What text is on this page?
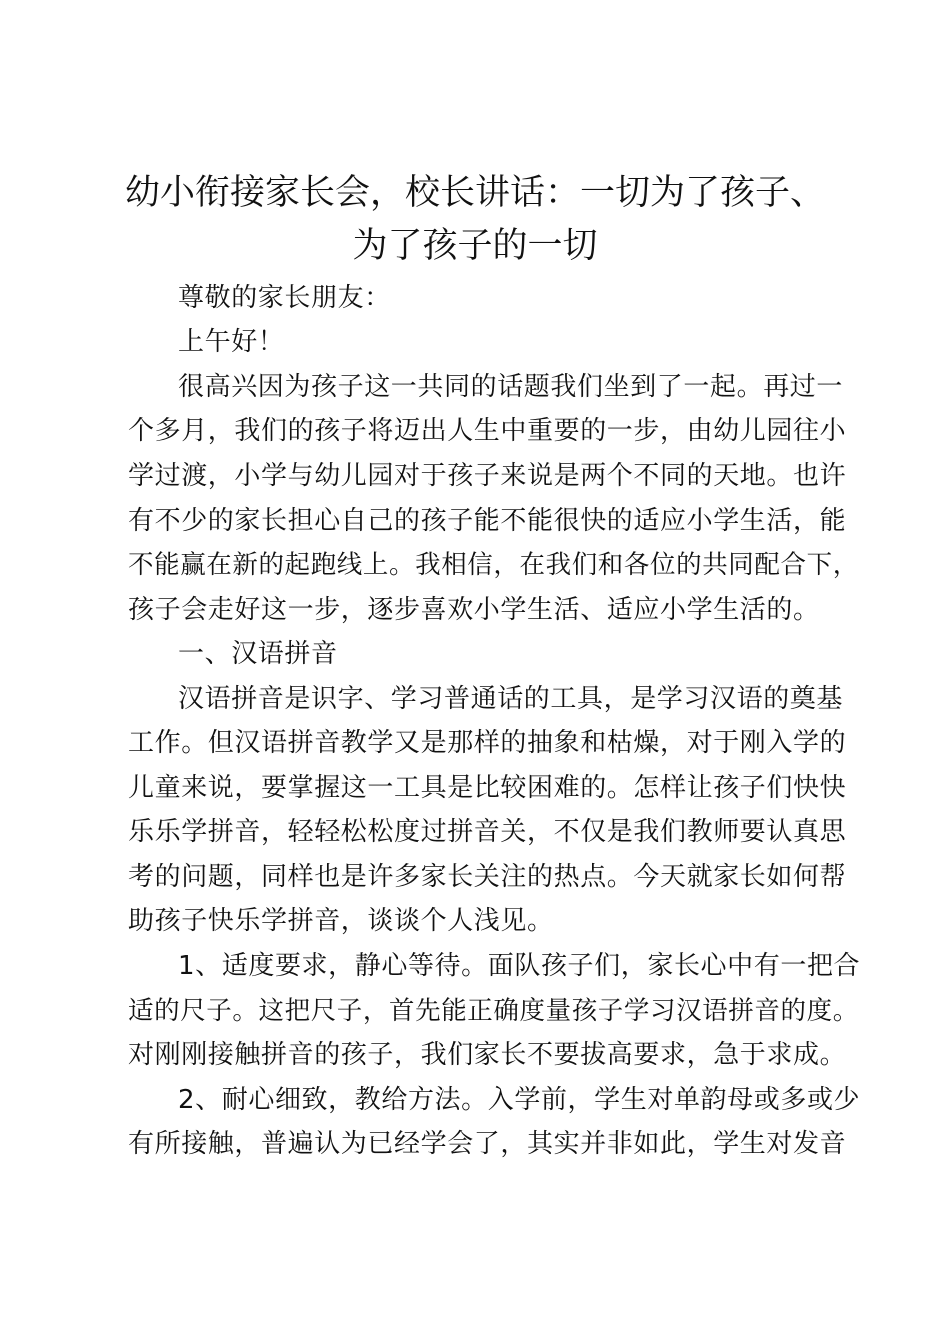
幼小衔接家长会，校长讲话：一切为了孩子、
为了孩子的一切
尊敬的家长朋友：
上午好！
很高兴因为孩子这一共同的话题我们坐到了一起。再过一
个多月，我们的孩子将迈出人生中重要的一步，由幼儿园往小
学过渡，小学与幼儿园对于孩子来说是两个不同的天地。也许
有不少的家长担心自己的孩子能不能很快的适应小学生活，能
不能赢在新的起跑线上。我相信，在我们和各位的共同配合下，
孩子会走好这一步，逐步喜欢小学生活、适应小学生活的。
一、汉语拼音
汉语拼音是识字、学习普通话的工具，是学习汉语的奠基
工作。但汉语拼音教学又是那样的抽象和枯燥，对于刚入学的
儿童来说，要掌握这一工具是比较困难的。怎样让孩子们快快
乐乐学拼音，轻轻松松度过拼音关，不仅是我们教师要认真思
考的问题，同样也是许多家长关注的热点。今天就家长如何帮
助孩子快乐学拼音，谈谈个人浅见。
1、适度要求，静心等待。面队孩子们，家长心中有一把合
适的尺子。这把尺子，首先能正确度量孩子学习汉语拼音的度。
对刚刚接触拼音的孩子，我们家长不要拔高要求，急于求成。
2、耐心细致，教给方法。入学前，学生对单韵母或多或少
有所接触，普遍认为已经学会了，其实并非如此，学生对发音
